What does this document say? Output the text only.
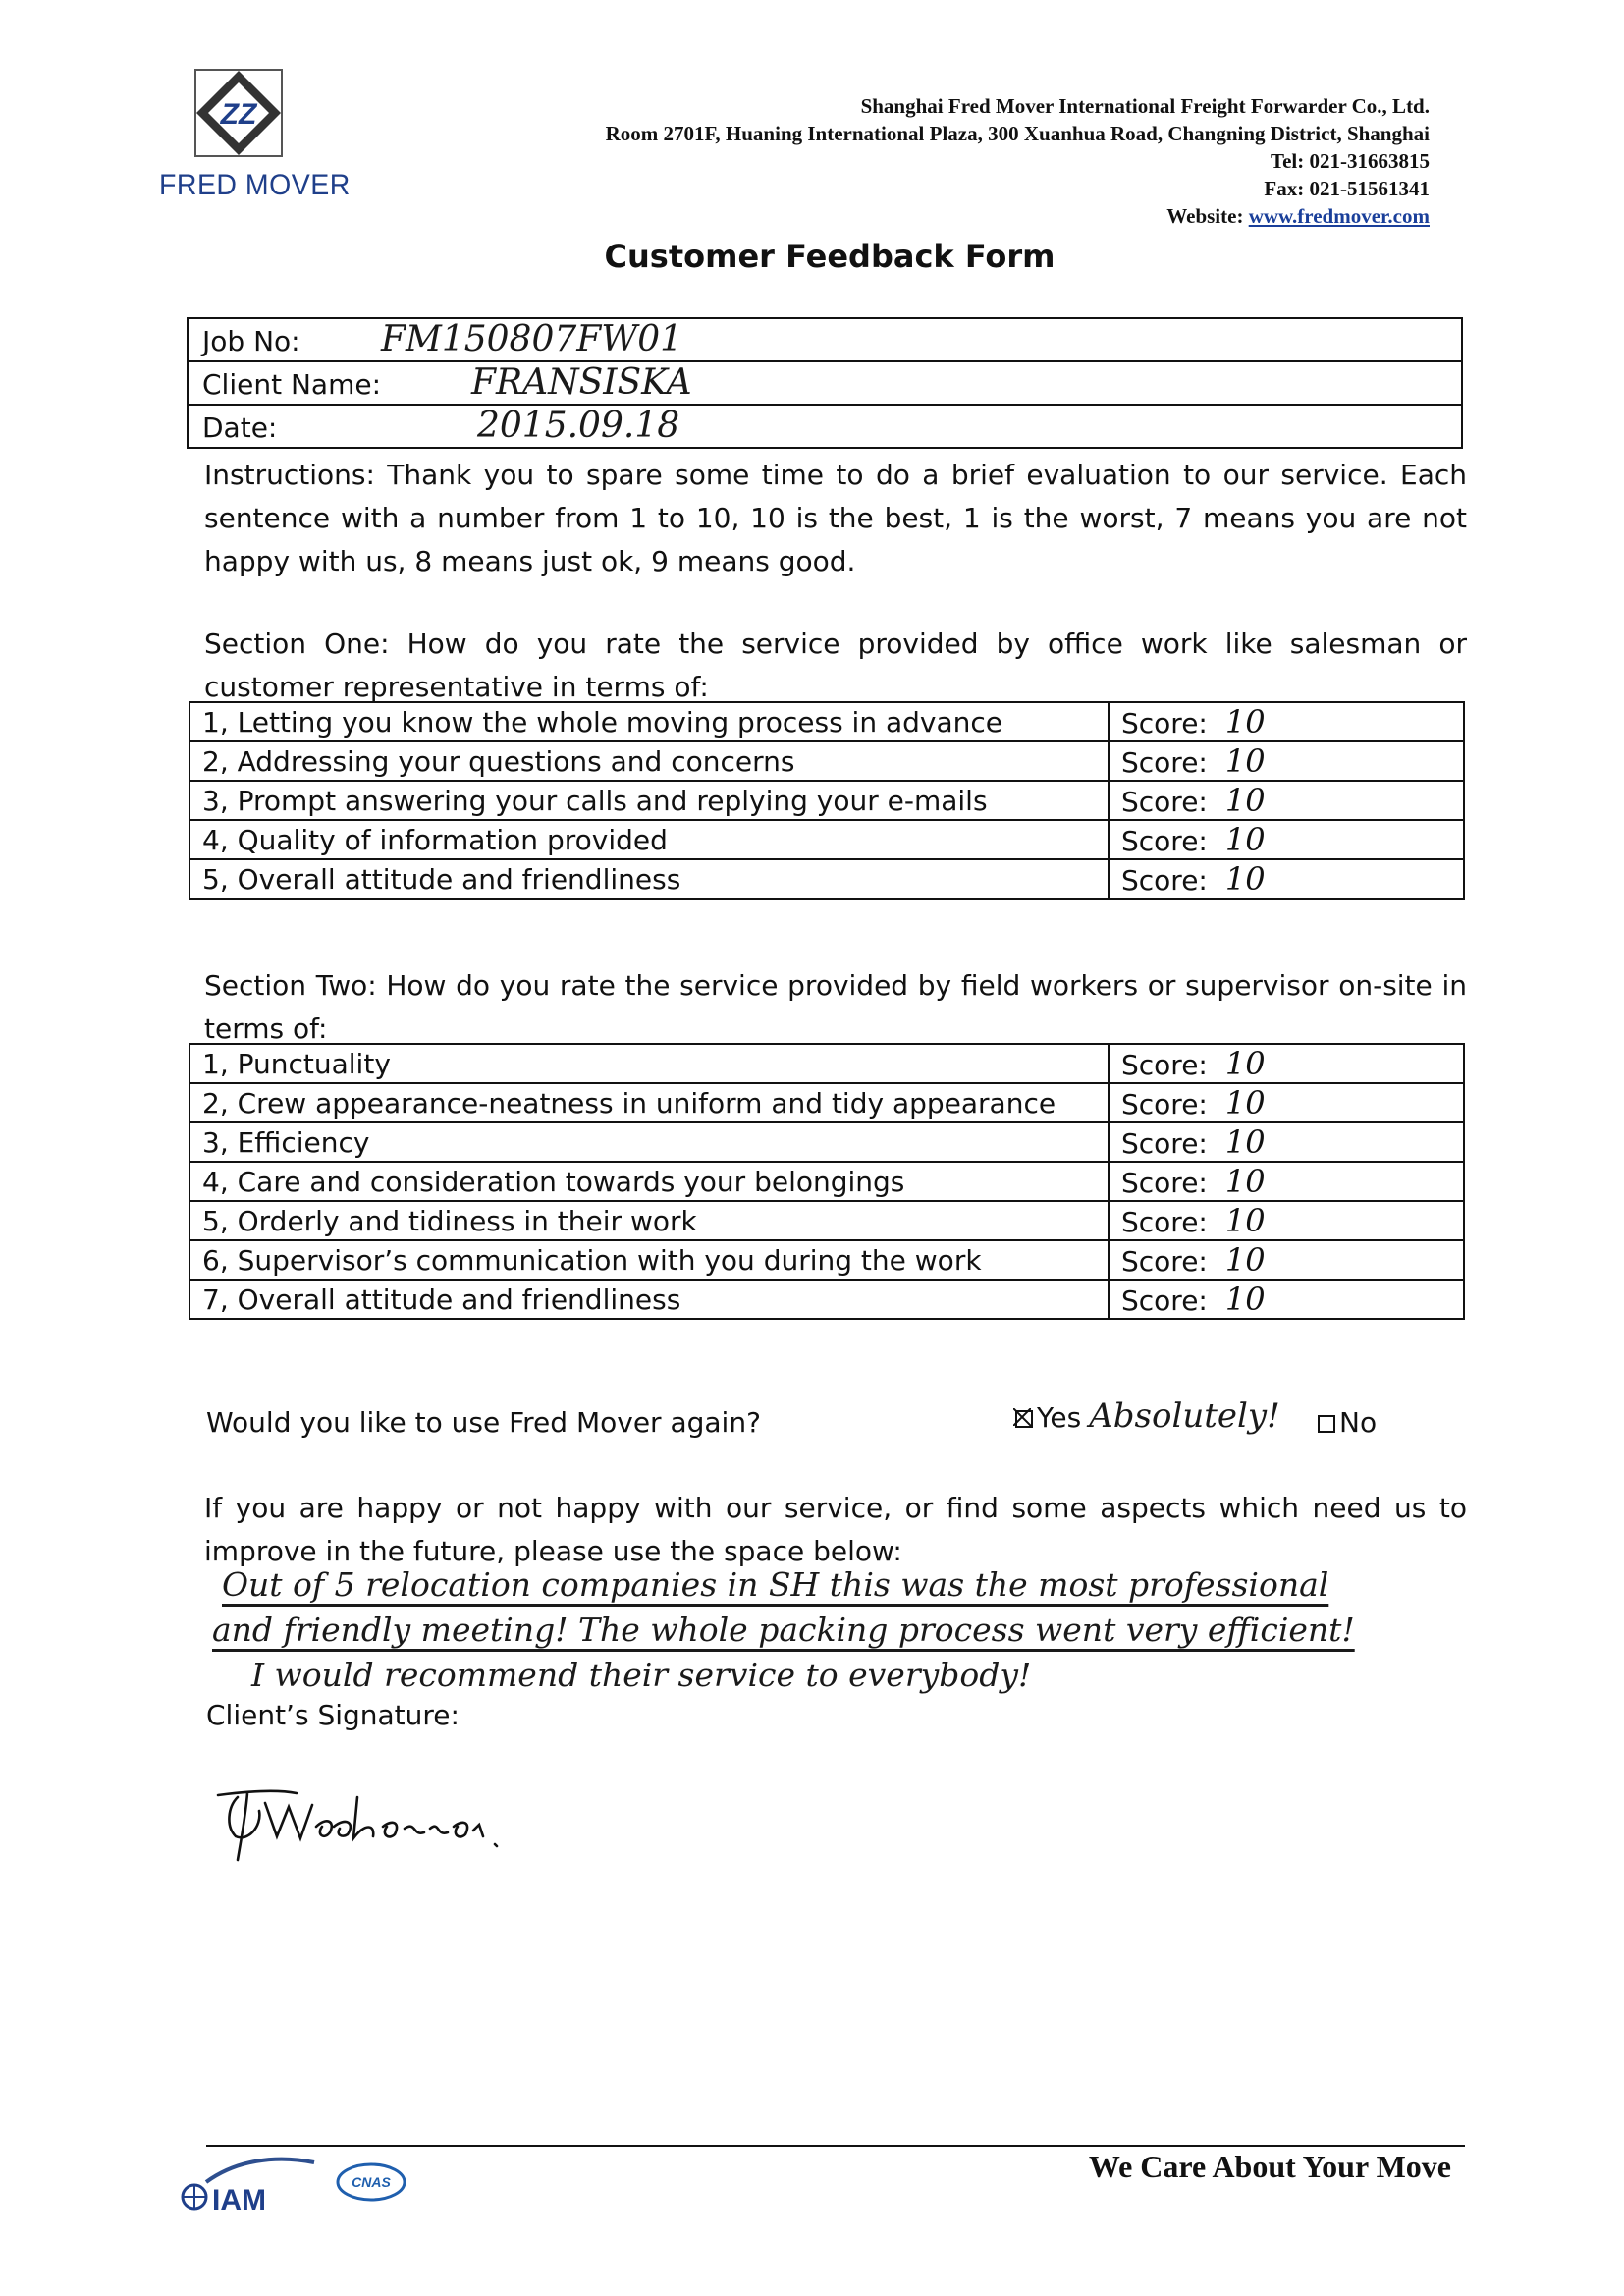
ZZ
FRED MOVER
Shanghai Fred Mover International Freight Forwarder Co., Ltd.
Room 2701F, Huaning International Plaza, 300 Xuanhua Road, Changning District, Shanghai
Tel: 021-31663815
Fax: 021-51561341
Website: www.fredmover.com
Customer Feedback Form
Job No: FM150807FW01
Client Name:	FRANSISKA
Date:	2015.09.18
Instructions: Thank you to spare some time to do a brief evaluation to our service. Each sentence with a number from 1 to 10, 10 is the best, 1 is the worst, 7 means you are not happy with us, 8 means just ok, 9 means good.
Section One: How do you rate the service provided by office work like salesman or customer representative in terms of:
1, Letting you know the whole moving process in advance	Score: 10
2, Addressing your questions and concerns	Score: 10
3, Prompt answering your calls and replying your e-mails	Score: 10
4, Quality of information provided	Score: 10
5, Overall attitude and friendliness	Score: 10
Section Two: How do you rate the service provided by field workers or supervisor on-site in terms of:
1, Punctuality	Score: 10
2, Crew appearance-neatness in uniform and tidy appearance	Score: 10
3, Efficiency	Score: 10
4, Care and consideration towards your belongings	Score: 10
5, Orderly and tidiness in their work	Score: 10
6, Supervisor’s communication with you during the work	Score: 10
7, Overall attitude and friendliness	Score: 10
Would you like to use Fred Mover again?	Yes Absolutely!	No
If you are happy or not happy with our service, or find some aspects which need us to improve in the future, please use the space below:
Out of 5 relocation companies in SH this was the most professional
and friendly meeting! The whole packing process went very efficient!
I would recommend their service to everybody!
Client’s Signature:
IAM
CNAS	We Care About Your Move
